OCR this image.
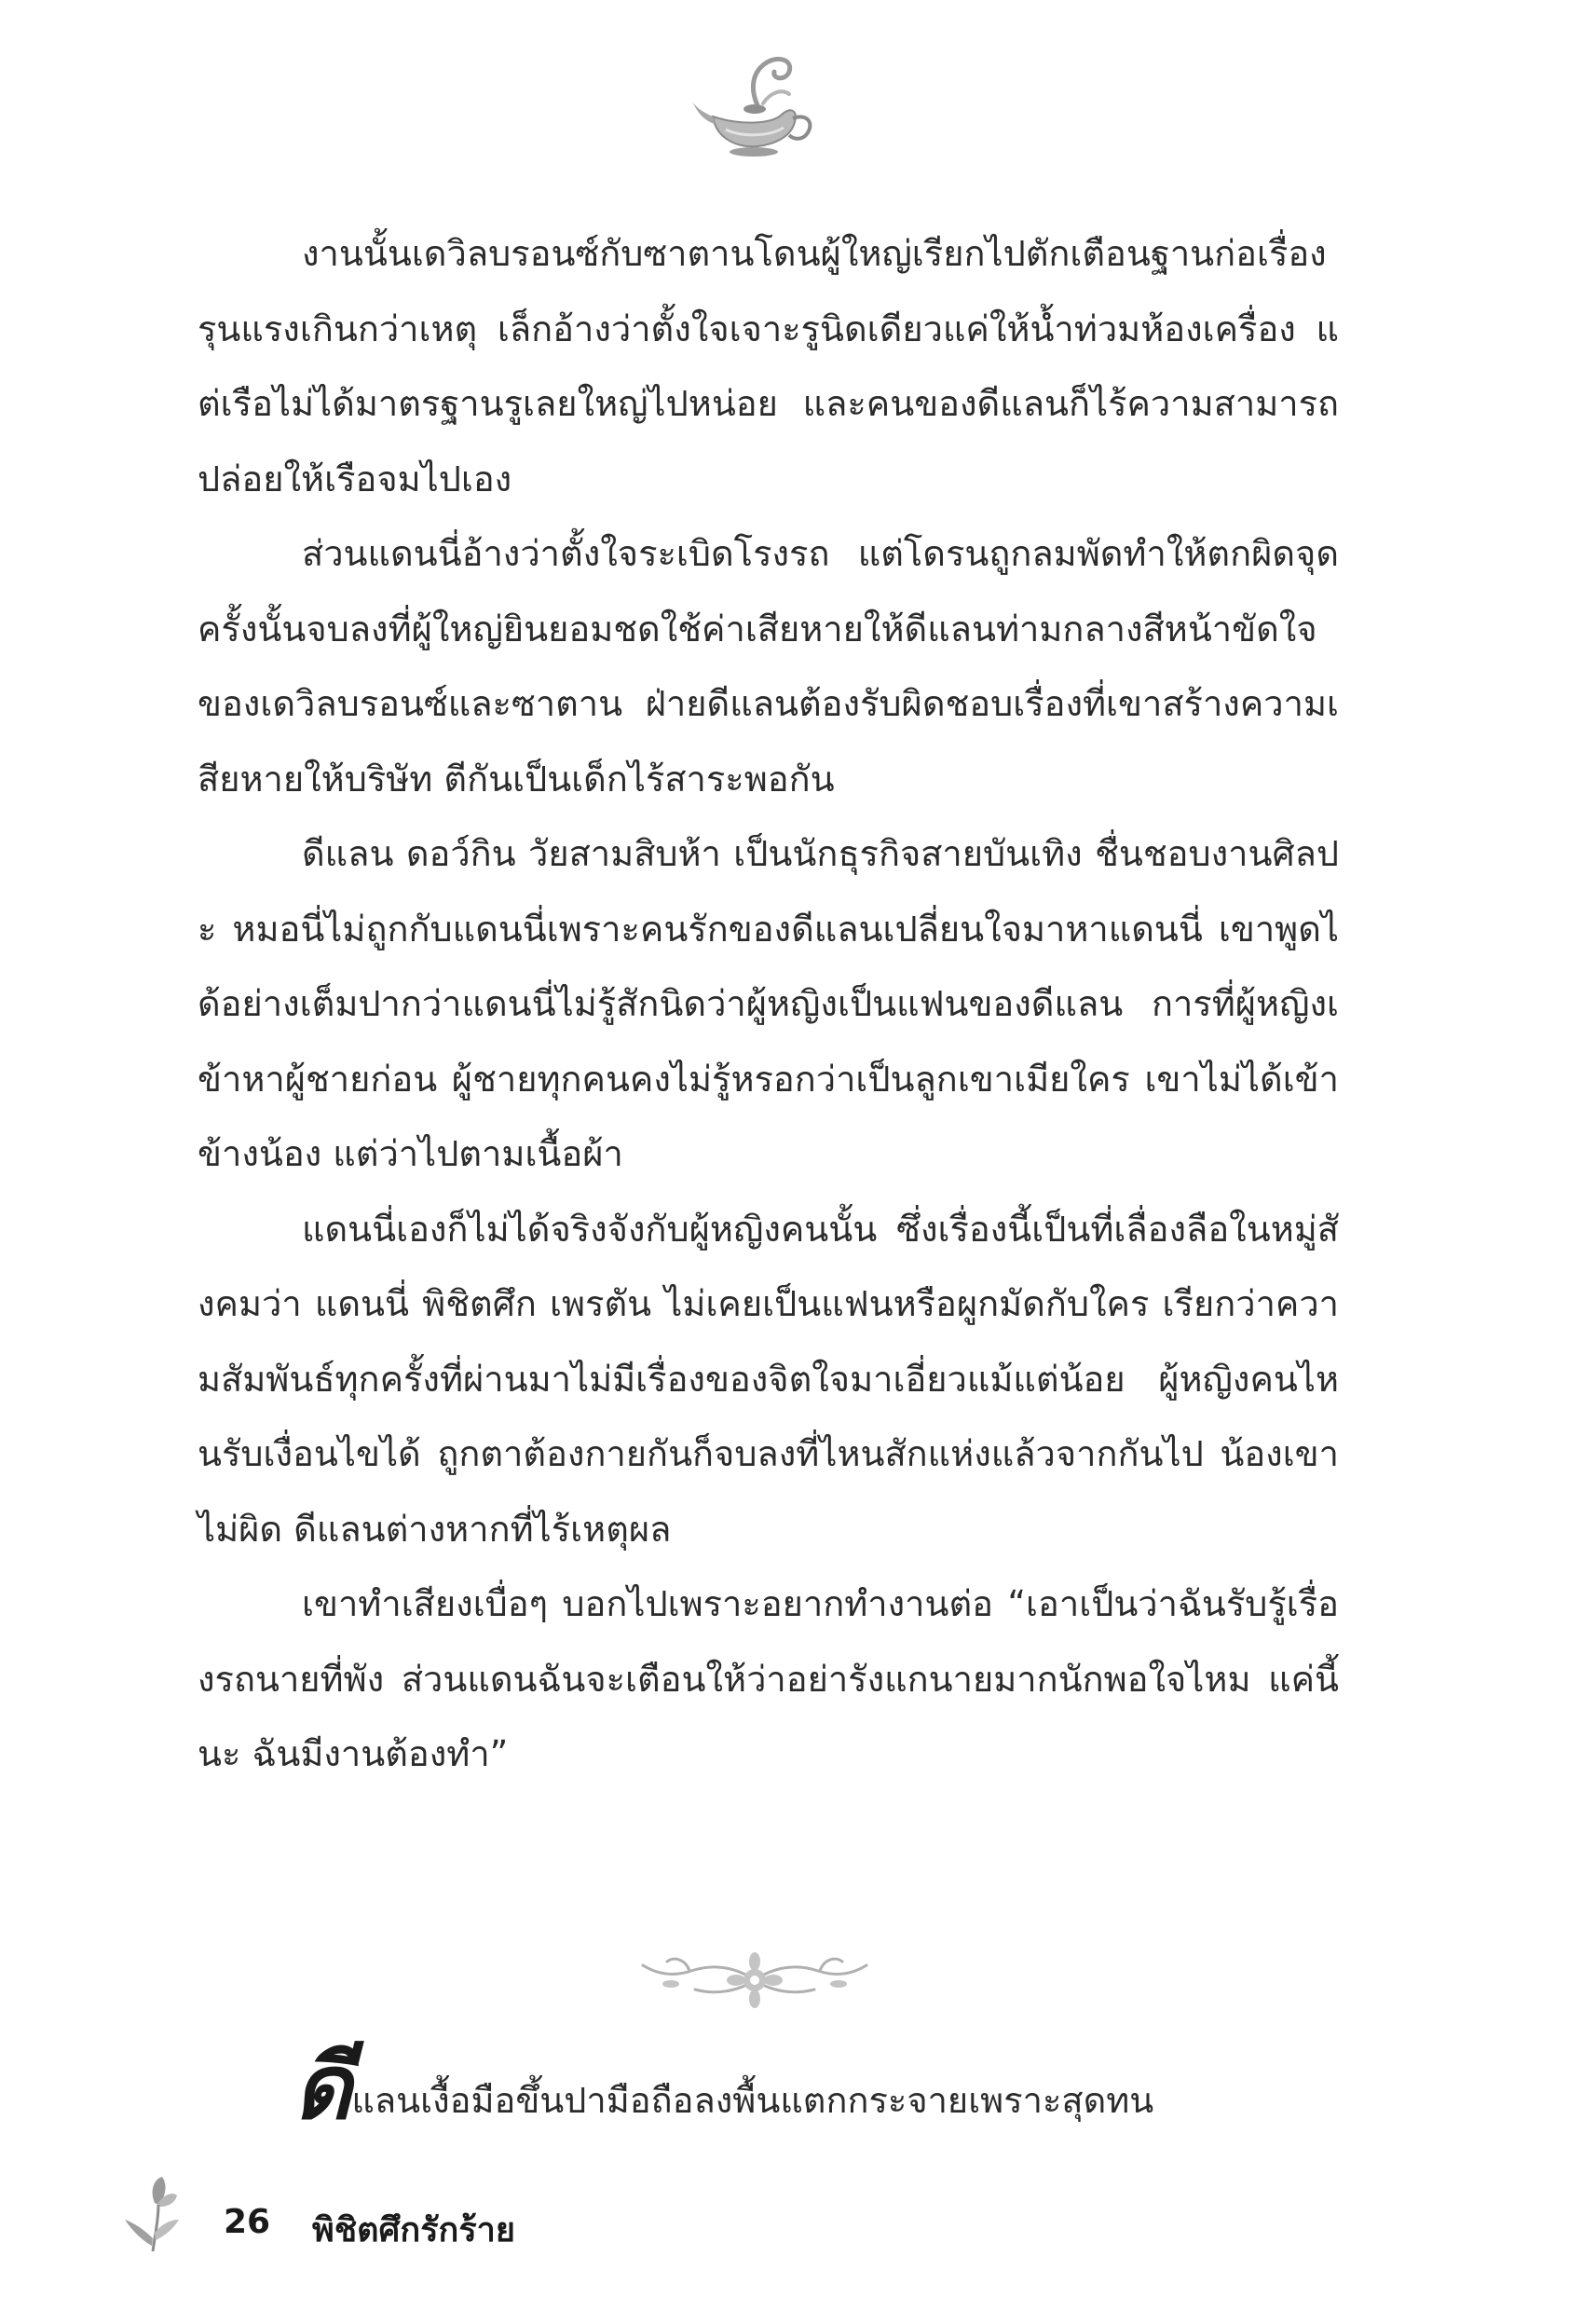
งานนั้นเดวิลบรอนซ์กับซาตานโดนผู้ใหญ่เรียกไปตักเตือนฐานก่อเรื่องรุนแรงเกินกว่าเหตุ เล็กอ้างว่าตั้งใจเจาะรูนิดเดียวแค่ให้น้ำท่วมห้องเครื่อง แต่เรือไม่ได้มาตรฐานรูเลยใหญ่ไปหน่อย และคนของดีแลนก็ไร้ความสามารถปล่อยให้เรือจมไปเอง

ส่วนแดนนี่อ้างว่าตั้งใจระเบิดโรงรถ แต่โดรนถูกลมพัดทำให้ตกผิดจุด ครั้งนั้นจบลงที่ผู้ใหญ่ยินยอมชดใช้ค่าเสียหายให้ดีแลนท่ามกลางสีหน้าขัดใจของเดวิลบรอนซ์และซาตาน ฝ่ายดีแลนต้องรับผิดชอบเรื่องที่เขาสร้างความเสียหายให้บริษัท ตีกันเป็นเด็กไร้สาระพอกัน

ดีแลน ดอว์กิน วัยสามสิบห้า เป็นนักธุรกิจสายบันเทิง ชื่นชอบงานศิลปะ หมอนี่ไม่ถูกกับแดนนี่เพราะคนรักของดีแลนเปลี่ยนใจมาหาแดนนี่ เขาพูดได้อย่างเต็มปากว่าแดนนี่ไม่รู้สักนิดว่าผู้หญิงเป็นแฟนของดีแลน การที่ผู้หญิงเข้าหาผู้ชายก่อน ผู้ชายทุกคนคงไม่รู้หรอกว่าเป็นลูกเขาเมียใคร เขาไม่ได้เข้าข้างน้อง แต่ว่าไปตามเนื้อผ้า

แดนนี่เองก็ไม่ได้จริงจังกับผู้หญิงคนนั้น ซึ่งเรื่องนี้เป็นที่เลื่องลือในหมู่สังคมว่า แดนนี่ พิชิตศึก เพรตัน ไม่เคยเป็นแฟนหรือผูกมัดกับใคร เรียกว่าความสัมพันธ์ทุกครั้งที่ผ่านมาไม่มีเรื่องของจิตใจมาเอี่ยวแม้แต่น้อย ผู้หญิงคนไหนรับเงื่อนไขได้ ถูกตาต้องกายกันก็จบลงที่ไหนสักแห่งแล้วจากกันไป น้องเขาไม่ผิด ดีแลนต่างหากที่ไร้เหตุผล

เขาทำเสียงเบื่อๆ บอกไปเพราะอยากทำงานต่อ “เอาเป็นว่าฉันรับรู้เรื่องรถนายที่พัง ส่วนแดนฉันจะเตือนให้ว่าอย่ารังแกนายมากนักพอใจไหม แค่นี้นะ ฉันมีงานต้องทำ”

ดีแลนเงื้อมือขึ้นปามือถือลงพื้นแตกกระจายเพราะสุดทน
26 พิชิตศึกรักร้าย
